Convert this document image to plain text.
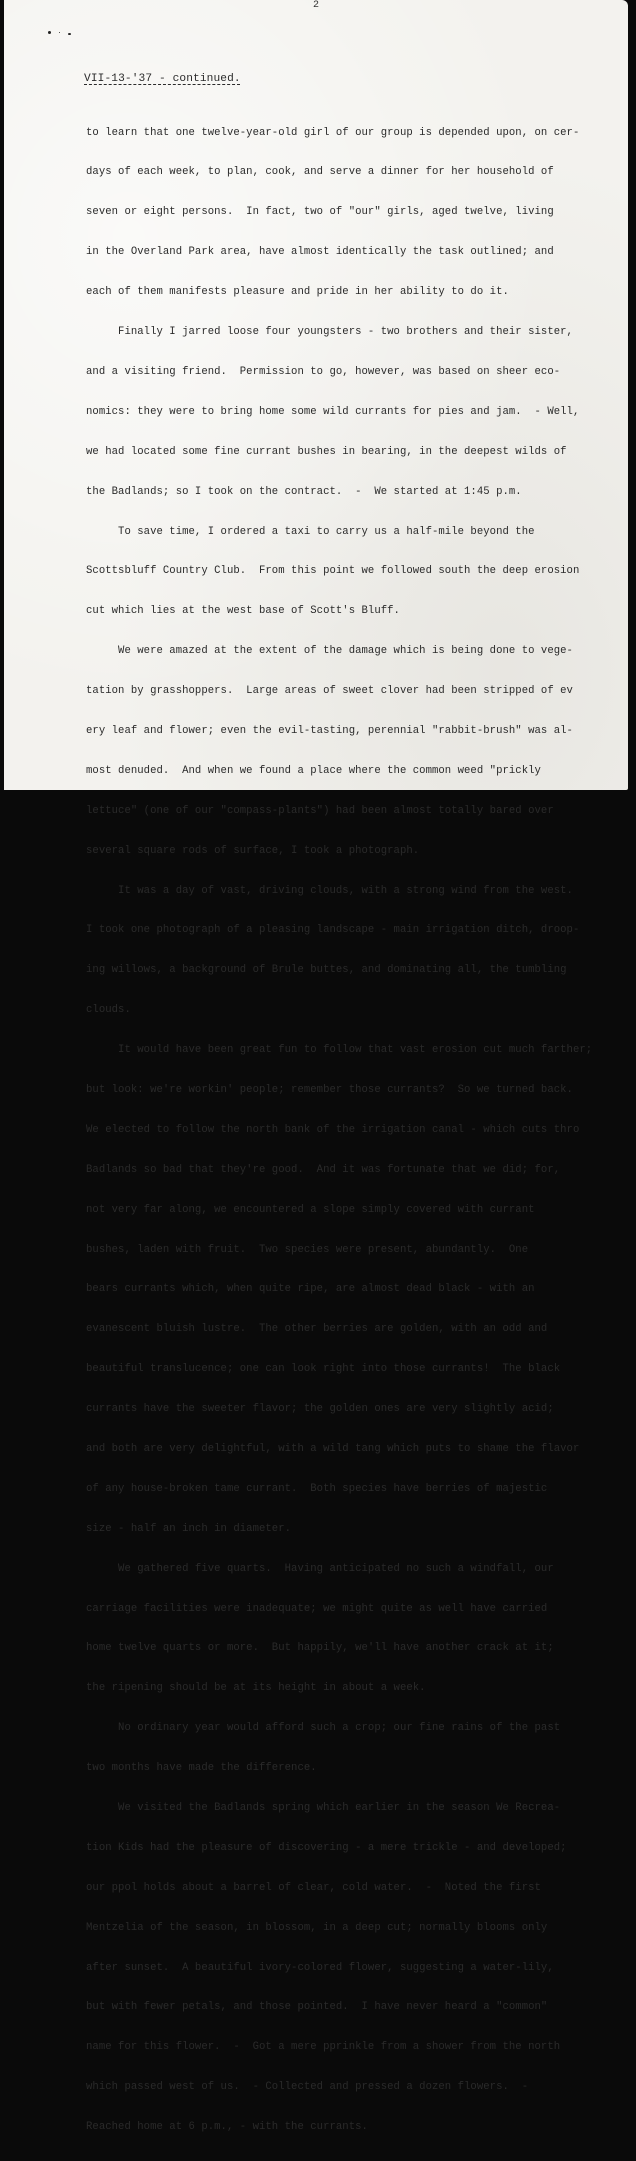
2
VII-13-'37 - continued.

to learn that one twelve-year-old girl of our group is depended upon, on cer-

days of each week, to plan, cook, and serve a dinner for her household of

seven or eight persons.  In fact, two of "our" girls, aged twelve, living

in the Overland Park area, have almost identically the task outlined; and

each of them manifests pleasure and pride in her ability to do it.

Finally I jarred loose four youngsters - two brothers and their sister,

and a visiting friend.  Permission to go, however, was based on sheer eco-

nomics: they were to bring home some wild currants for pies and jam.  - Well,

we had located some fine currant bushes in bearing, in the deepest wilds of

the Badlands; so I took on the contract.  -  We started at 1:45 p.m.

To save time, I ordered a taxi to carry us a half-mile beyond the

Scottsbluff Country Club.  From this point we followed south the deep erosion

cut which lies at the west base of Scott's Bluff.

We were amazed at the extent of the damage which is being done to vege-

tation by grasshoppers.  Large areas of sweet clover had been stripped of ev

ery leaf and flower; even the evil-tasting, perennial "rabbit-brush" was al-

most denuded.  And when we found a place where the common weed "prickly

lettuce" (one of our "compass-plants") had been almost totally bared over

several square rods of surface, I took a photograph.

It was a day of vast, driving clouds, with a strong wind from the west.

I took one photograph of a pleasing landscape - main irrigation ditch, droop-

ing willows, a background of Brule buttes, and dominating all, the tumbling

clouds.

It would have been great fun to follow that vast erosion cut much farther;

but look: we're workin' people; remember those currants?  So we turned back.

We elected to follow the north bank of the irrigation canal - which cuts thro

Badlands so bad that they're good.  And it was fortunate that we did; for,

not very far along, we encountered a slope simply covered with currant

bushes, laden with fruit.  Two species were present, abundantly.  One

bears currants which, when quite ripe, are almost dead black - with an

evanescent bluish lustre.  The other berries are golden, with an odd and

beautiful translucence; one can look right into those currants!  The black

currants have the sweeter flavor; the golden ones are very slightly acid;

and both are very delightful, with a wild tang which puts to shame the flavor

of any house-broken tame currant.  Both species have berries of majestic

size - half an inch in diameter.

We gathered five quarts.  Having anticipated no such a windfall, our

carriage facilities were inadequate; we might quite as well have carried

home twelve quarts or more.  But happily, we'll have another crack at it;

the ripening should be at its height in about a week.

No ordinary year would afford such a crop; our fine rains of the past

two months have made the difference.

We visited the Badlands spring which earlier in the season We Recrea-

tion Kids had the pleasure of discovering - a mere trickle - and developed;

our ppol holds about a barrel of clear, cold water.  -  Noted the first

Mentzelia of the season, in blossom, in a deep cut; normally blooms only

after sunset.  A beautiful ivory-colored flower, suggesting a water-lily,

but with fewer petals, and those pointed.  I have never heard a "common"

name for this flower.  -  Got a mere pprinkle from a shower from the north

which passed west of us.  - Collected and pressed a dozen flowers.  -

Reached home at 6 p.m., - with the currants.
